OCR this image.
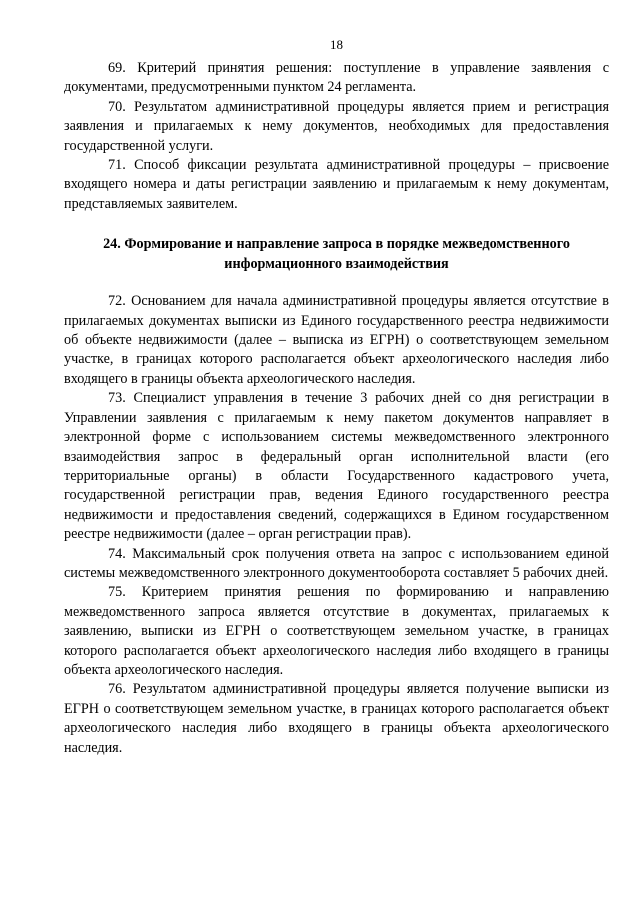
18

69. Критерий принятия решения: поступление в управление заявления с документами, предусмотренными пунктом 24 регламента.

70. Результатом административной процедуры является прием и регистрация заявления и прилагаемых к нему документов, необходимых для предоставления государственной услуги.

71. Способ фиксации результата административной процедуры – присвоение входящего номера и даты регистрации заявлению и прилагаемым к нему документам, представляемых заявителем.

24. Формирование и направление запроса в порядке межведомственного
информационного взаимодействия

72. Основанием для начала административной процедуры является отсутствие в прилагаемых документах выписки из Единого государственного реестра недвижимости об объекте недвижимости (далее – выписка из ЕГРН) о соответствующем земельном участке, в границах которого располагается объект археологического наследия либо входящего в границы объекта археологического наследия.

73. Специалист управления в течение 3 рабочих дней со дня регистрации в Управлении заявления с прилагаемым к нему пакетом документов направляет в электронной форме с использованием системы межведомственного электронного взаимодействия запрос в федеральный орган исполнительной власти (его территориальные органы) в области Государственного кадастрового учета, государственной регистрации прав, ведения Единого государственного реестра недвижимости и предоставления сведений, содержащихся в Едином государственном реестре недвижимости (далее – орган регистрации прав).

74. Максимальный срок получения ответа на запрос с использованием единой системы межведомственного электронного документооборота составляет 5 рабочих дней.

75. Критерием принятия решения по формированию и направлению межведомственного запроса является отсутствие в документах, прилагаемых к заявлению, выписки из ЕГРН о соответствующем земельном участке, в границах которого располагается объект археологического наследия либо входящего в границы объекта археологического наследия.

76. Результатом административной процедуры является получение выписки из ЕГРН о соответствующем земельном участке, в границах которого располагается объект археологического наследия либо входящего в границы объекта археологического наследия.
